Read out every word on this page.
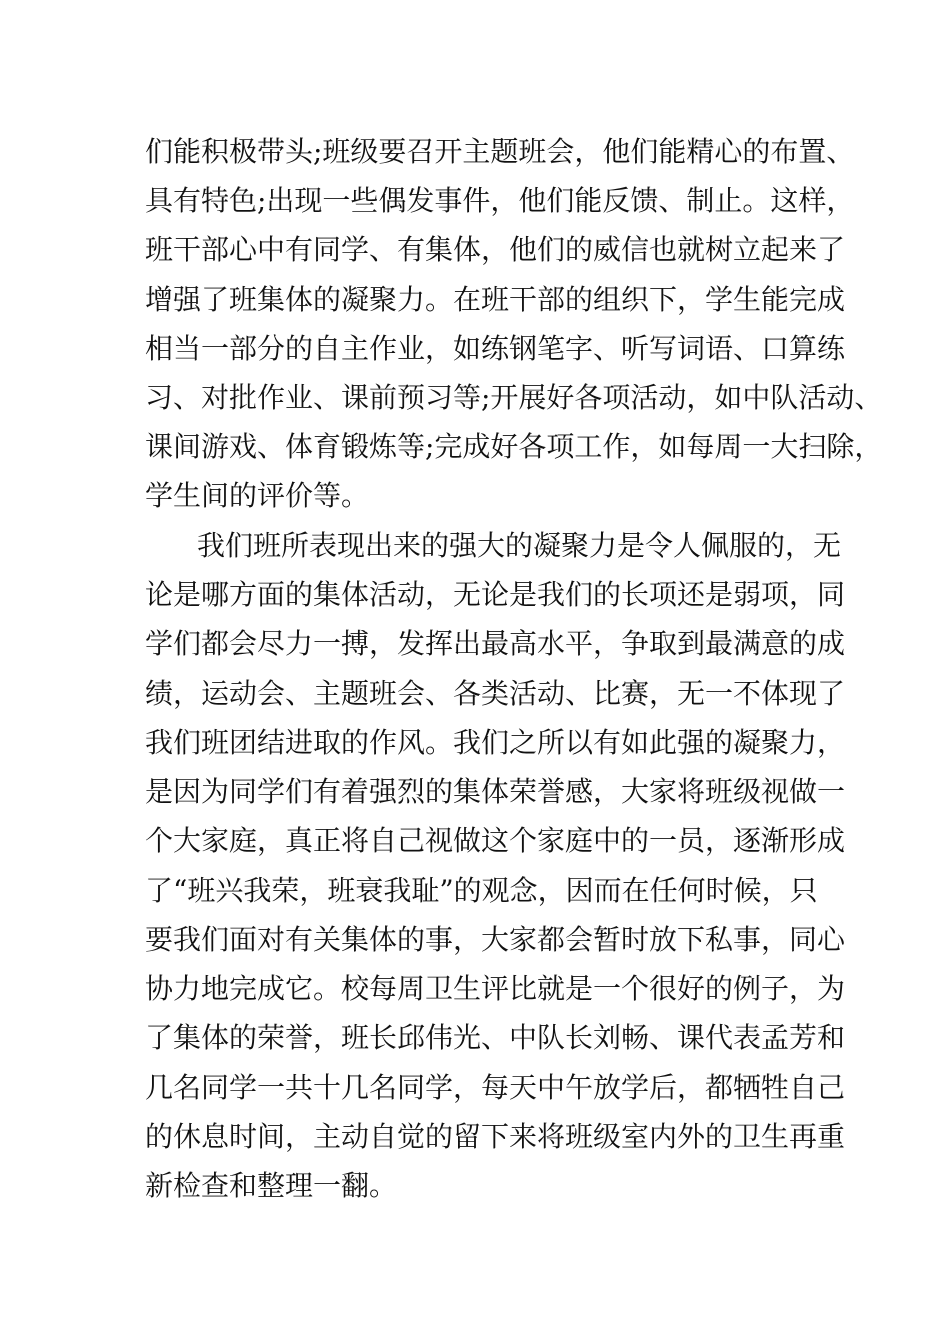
们能积极带头;班级要召开主题班会，他们能精心的布置、
具有特色;出现一些偶发事件，他们能反馈、制止。这样，
班干部心中有同学、有集体，他们的威信也就树立起来了
增强了班集体的凝聚力。在班干部的组织下，学生能完成
相当一部分的自主作业，如练钢笔字、听写词语、口算练
习、对批作业、课前预习等;开展好各项活动，如中队活动、
课间游戏、体育锻炼等;完成好各项工作，如每周一大扫除，
学生间的评价等。
我们班所表现出来的强大的凝聚力是令人佩服的，无
论是哪方面的集体活动，无论是我们的长项还是弱项，同
学们都会尽力一搏，发挥出最高水平，争取到最满意的成
绩，运动会、主题班会、各类活动、比赛，无一不体现了
我们班团结进取的作风。我们之所以有如此强的凝聚力，
是因为同学们有着强烈的集体荣誉感，大家将班级视做一
个大家庭，真正将自己视做这个家庭中的一员，逐渐形成
了“班兴我荣，班衰我耻”的观念，因而在任何时候，只
要我们面对有关集体的事，大家都会暂时放下私事，同心
协力地完成它。校每周卫生评比就是一个很好的例子，为
了集体的荣誉，班长邱伟光、中队长刘畅、课代表孟芳和
几名同学一共十几名同学，每天中午放学后，都牺牲自己
的休息时间，主动自觉的留下来将班级室内外的卫生再重
新检查和整理一翻。
